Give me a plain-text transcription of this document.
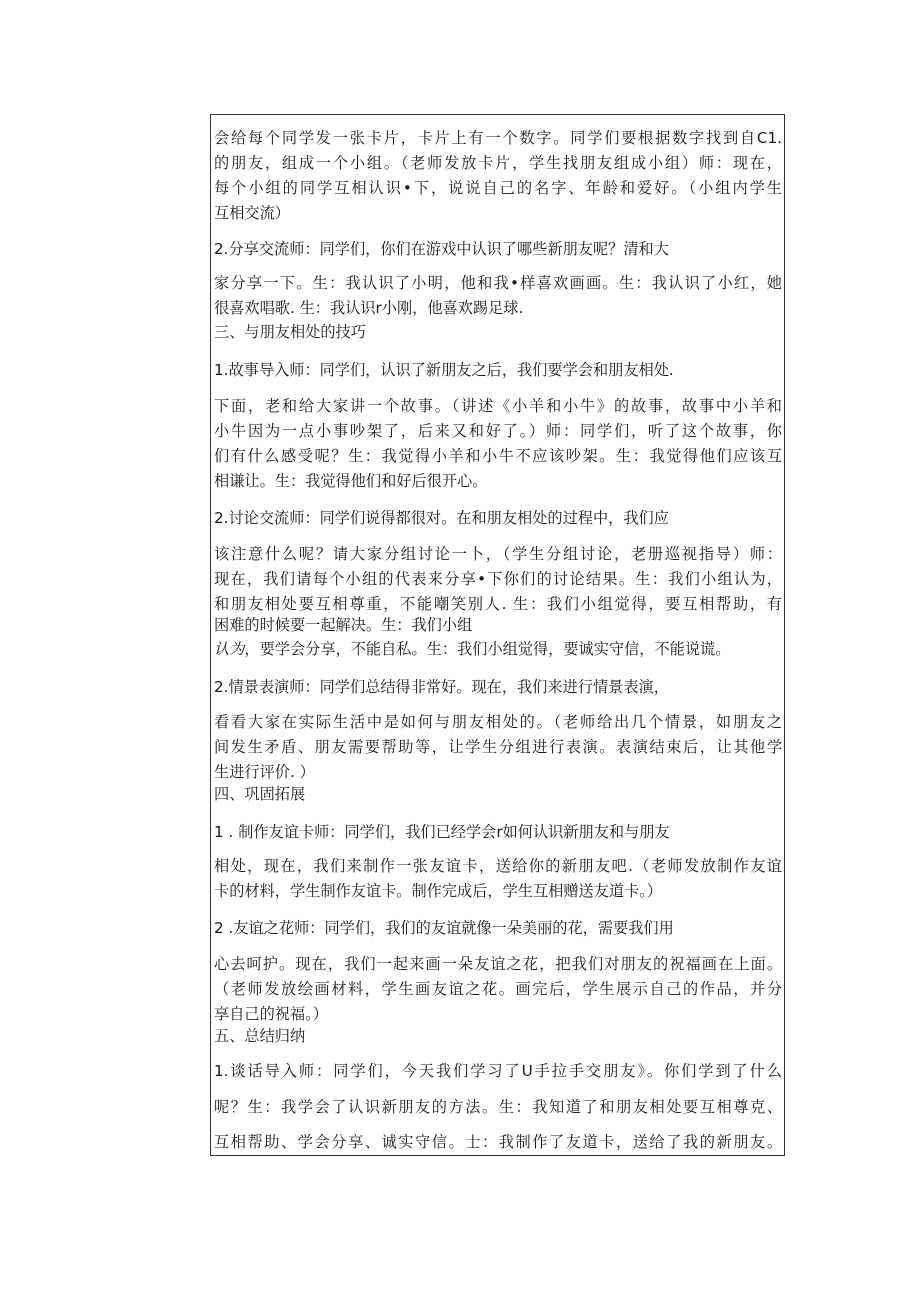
会给每个同学发一张卡片，卡片上有一个数字。同学们要根据数字找到自C1.
的朋友，组成一个小组。（老师发放卡片，学生找朋友组成小组）师：现在，
每个小组的同学互相认识•下，说说自己的名字、年龄和爱好。（小组内学生
互相交流）
2.分享交流师：同学们，你们在游戏中认识了哪些新朋友呢？清和大
家分享一下。生：我认识了小明，他和我•样喜欢画画。生：我认识了小红，她
很喜欢唱歌. 生：我认识r小刚，他喜欢踢足球.
三、与朋友相处的技巧
1.故事导入师：同学们，认识了新朋友之后，我们要学会和朋友相处.
下面，老和给大家讲一个故事。（讲述《小羊和小牛》的故事，故事中小羊和
小牛因为一点小事吵架了，后来又和好了。）师：同学们，听了这个故事，你
们有什么感受呢？生：我觉得小羊和小牛不应该吵架。生：我觉得他们应该互
相谦让。生：我觉得他们和好后很开心。
2.讨论交流师：同学们说得都很对。在和朋友相处的过程中，我们应
该注意什么呢？请大家分组讨论一卜，（学生分组讨论，老册巡视指导）师：
现在，我们请每个小组的代表来分享•下你们的讨论结果。生：我们小组认为，
和朋友相处要互相尊重，不能嘲笑别人. 生：我们小组觉得，要互相帮助，有
困难的时候要一起解决。生：我们小组
认为，要学会分享，不能自私。生：我们小组觉得，要诚实守信，不能说谎。
2.情景表演师：同学们总结得非常好。现在，我们来进行情景表演，
看看大家在实际生活中是如何与朋友相处的。（老师给出几个情景，如朋友之
间发生矛盾、朋友需要帮助等，让学生分组进行表演。表演结束后，让其他学
生进行评价. ）
四、巩固拓展
1 . 制作友谊卡师：同学们，我们已经学会r如何认识新朋友和与朋友
相处，现在，我们来制作一张友谊卡，送给你的新朋友吧.（老师发放制作友谊
卡的材料，学生制作友谊卡。制作完成后，学生互相赠送友道卡。）
2 .友谊之花师：同学们，我们的友谊就像一朵美丽的花，需要我们用
心去呵护。现在，我们一起来画一朵友谊之花，把我们对朋友的祝福画在上面。
（老师发放绘画材料，学生画友谊之花。画完后，学生展示自己的作品，并分
享自己的祝福。）
五、总结归纳
1.谈话导入师：同学们，今天我们学习了U手拉手交朋友》。你们学到了什么
呢？生：我学会了认识新朋友的方法。生：我知道了和朋友相处要互相尊克、
互相帮助、学会分享、诚实守信。士：我制作了友道卡，送给了我的新朋友。
